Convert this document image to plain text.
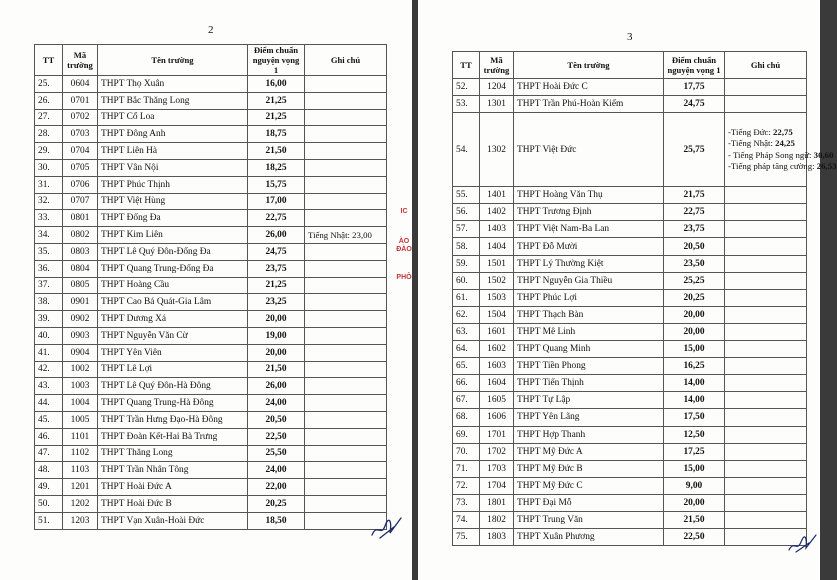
2
TT	Mã trường	Tên trường	Điểm chuẩn nguyện vọng 1	Ghi chú
25.	0604	THPT Thọ Xuân	16,00	
26.	0701	THPT Bắc Thăng Long	21,25	
27.	0702	THPT Cổ Loa	21,25	
28.	0703	THPT Đông Anh	18,75	
29.	0704	THPT Liên Hà	21,50	
30.	0705	THPT Vân Nội	18,25	
31.	0706	THPT Phúc Thịnh	15,75	
32.	0707	THPT Việt Hùng	17,00	
33.	0801	THPT Đống Đa	22,75	
34.	0802	THPT Kim Liên	26,00	Tiếng Nhật: 23,00
35.	0803	THPT Lê Quý Đôn-Đống Đa	24,75	
36.	0804	THPT Quang Trung-Đống Đa	23,75	
37.	0805	THPT Hoàng Cầu	21,25	
38.	0901	THPT Cao Bá Quát-Gia Lâm	23,25	
39.	0902	THPT Dương Xá	20,00	
40.	0903	THPT Nguyễn Văn Cừ	19,00	
41.	0904	THPT Yên Viên	20,00	
42.	1002	THPT Lê Lợi	21,50	
43.	1003	THPT Lê Quý Đôn-Hà Đông	26,00	
44.	1004	THPT Quang Trung-Hà Đông	24,00	
45.	1005	THPT Trần Hưng Đạo-Hà Đông	20,50	
46.	1101	THPT Đoàn Kết-Hai Bà Trưng	22,50	
47.	1102	THPT Thăng Long	25,50	
48.	1103	THPT Trần Nhân Tông	24,00	
49.	1201	THPT Hoài Đức A	22,00	
50.	1202	THPT Hoài Đức B	20,25	
51.	1203	THPT Vạn Xuân-Hoài Đức	18,50	
IC
ÀO
ĐÀO
PHÔ
3
TT	Mã trường	Tên trường	Điểm chuẩn nguyện vọng 1	Ghi chú
52.	1204	THPT Hoài Đức C	17,75	
53.	1301	THPT Trần Phú-Hoàn Kiếm	24,75	
54.	1302	THPT Việt Đức	25,75	-Tiếng Đức: 22,75
-Tiếng Nhật: 24,25
- Tiếng Pháp Song ngữ: 30,60
-Tiếng pháp tăng cường: 26,53

55.	1401	THPT Hoàng Văn Thụ	21,75	
56.	1402	THPT Trương Định	22,75	
57.	1403	THPT Việt Nam-Ba Lan	23,75	
58.	1404	THPT Đỗ Mười	20,50	
59.	1501	THPT Lý Thường Kiệt	23,50	
60.	1502	THPT Nguyễn Gia Thiều	25,25	
61.	1503	THPT Phúc Lợi	20,25	
62.	1504	THPT Thạch Bàn	20,00	
63.	1601	THPT Mê Linh	20,00	
64.	1602	THPT Quang Minh	15,00	
65.	1603	THPT Tiền Phong	16,25	
66.	1604	THPT Tiến Thịnh	14,00	
67.	1605	THPT Tự Lập	14,00	
68.	1606	THPT Yên Lãng	17,50	
69.	1701	THPT Hợp Thanh	12,50	
70.	1702	THPT Mỹ Đức A	17,25	
71.	1703	THPT Mỹ Đức B	15,00	
72.	1704	THPT Mỹ Đức C	9,00	
73.	1801	THPT Đại Mỗ	20,00	
74.	1802	THPT Trung Văn	21,50	
75.	1803	THPT Xuân Phương	22,50	
